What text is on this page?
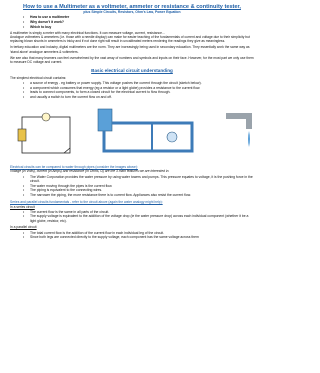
How to use a Multimeter as a voltmeter, ammeter or resistance & continuity tester,
plus Simple Circuits, Resistors, Ohm's Law, Power Equation
• How to use a multimeter
• Why doesn't it work?
• Which to buy

A multimeter is simply a meter with many electrical functions. It can measure voltage, current, resistance...

Analogue voltmeters & ammeters (i.e. those with a needle display) can make for easier teaching of the fundamentals of current and voltage due to their simplicity but replacing blown shunts in ammeters is tricky and if not done right will result in uncalibrated meters rendering the readings they give as meaningless.

In tertiary education and industry, digital multimeters are the norm. They are increasingly being used in secondary education. They essentially work the same way as 'stand alone' analogue ammeters & voltmeters.

We see also that many learners can feel overwhelmed by the vast array of numbers and symbols and inputs on their face. However, for the most part we only use them to measure DC voltage and current.

Basic electrical circuit understanding

The simplest electrical circuit contains:

• a source of energy - eg battery or power supply. This voltage pushes the current through the circuit (sketch below).
• a component which consumes that energy (eg a resistor or a light globe) provides a resistance to the current flow.
• leads to connect components, to form a closed circuit for the electrical current to flow through.
• and usually a switch to turn the current flow on and off.

Electrical circuits can be compared to water through pipes (consider the images above):

Voltage (in Volts), current (in Amps) and resistance (in Ohms, Ω) are the 3 main features we are interested in.

• The Water Corporation provides the water pressure by using water towers and pumps. This pressure equates to voltage, it is the pushing force in the circuit.
• The water moving through the pipes is the current flow.
• The piping is equivalent to the connecting wires.
• The narrower the piping, the more resistance there is to current flow. Appliances also resist the current flow.

Series and parallel circuits fundamentals - refer to the circuit above (again the water analogy might help):

In a series circuit

• The current flow is the same in all parts of the circuit.
• The supply voltage is equivalent to the addition of the voltage drop (ie the water pressure drop) across each individual component (whether it be a light globe, resistor, etc).

In a parallel circuit

• The total current flow is the addition of the current flow in each individual leg of the circuit.
• Since both legs are connected directly to the supply voltage, each component has the same voltage across them
